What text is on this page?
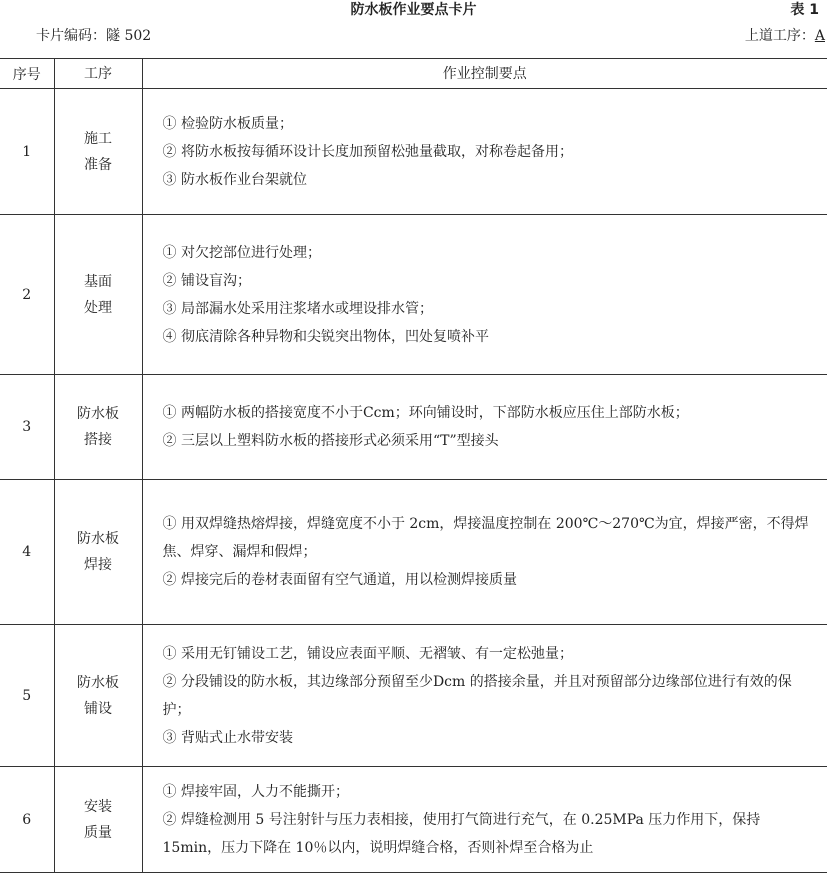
防水板作业要点卡片	表 1
卡片编码：隧 502	上道工序：A
序号	工序	作业控制要点
1	施工
准备	① 检验防水板质量；
② 将防水板按每循环设计长度加预留松弛量截取，对称卷起备用；
③ 防水板作业台架就位

2	基面
处理	① 对欠挖部位进行处理；
② 铺设盲沟；
③ 局部漏水处采用注浆堵水或埋设排水管；
④ 彻底清除各种异物和尖锐突出物体，凹处复喷补平

3	防水板
搭接	① 两幅防水板的搭接宽度不小于Ccm；环向铺设时，下部防水板应压住上部防水板；
② 三层以上塑料防水板的搭接形式必须采用“T”型接头

4	防水板
焊接	① 用双焊缝热熔焊接，焊缝宽度不小于 2cm，焊接温度控制在 200℃～270℃为宜，焊接严密，不得焊焦、焊穿、漏焊和假焊；
② 焊接完后的卷材表面留有空气通道，用以检测焊接质量

5	防水板
铺设	① 采用无钉铺设工艺，铺设应表面平顺、无褶皱、有一定松弛量；
② 分段铺设的防水板，其边缘部分预留至少Dcm 的搭接余量，并且对预留部分边缘部位进行有效的保护；
③ 背贴式止水带安装

6	安装
质量	① 焊接牢固，人力不能撕开；
② 焊缝检测用 5 号注射针与压力表相接，使用打气筒进行充气，在 0.25MPa 压力作用下，保持 15min，压力下降在 10％以内，说明焊缝合格，否则补焊至合格为止
